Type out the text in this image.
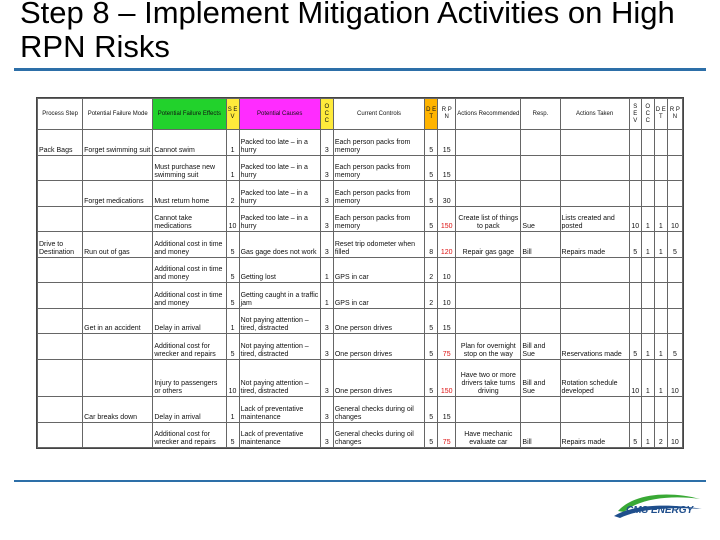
Step 8 – Implement Mitigation Activities on High RPN Risks
Process Step	Potential Failure Mode	Potential Failure Effects	S E V	Potential Causes	O C C	Current Controls	D E T	R P N	Actions Recommended	Resp.	Actions Taken	S E V	O C C	D E T	R P N
Pack Bags	Forget swimming suit	Cannot swim	1	Packed too late – in a hurry	3	Each person packs from memory	5	15							
		Must purchase new swimming suit	1	Packed too late – in a hurry	3	Each person packs from memory	5	15							
	Forget medications	Must return home	2	Packed too late – in a hurry	3	Each person packs from memory	5	30							
		Cannot take medications	10	Packed too late – in a hurry	3	Each person packs from memory	5	150	Create list of things to pack	Sue	Lists created and posted	10	1	1	10
Drive to Destination	Run out of gas	Additional cost in time and money	5	Gas gage does not work	3	Reset trip odometer when filled	8	120	Repair gas gage	Bill	Repairs made	5	1	1	5
		Additional cost in time and money	5	Getting lost	1	GPS in car	2	10							
		Additional cost in time and money	5	Getting caught in a traffic jam	1	GPS in car	2	10							
	Get in an accident	Delay in arrival	1	Not paying attention – tired, distracted	3	One person drives	5	15							
		Additional cost for wrecker and repairs	5	Not paying attention – tired, distracted	3	One person drives	5	75	Plan for overnight stop on the way	Bill and Sue	Reservations made	5	1	1	5
		Injury to passengers or others	10	Not paying attention – tired, distracted	3	One person drives	5	150	Have two or more drivers take turns driving	Bill and Sue	Rotation schedule developed	10	1	1	10
	Car breaks down	Delay in arrival	1	Lack of preventative maintenance	3	General checks during oil changes	5	15							
		Additional cost for wrecker and repairs	5	Lack of preventative maintenance	3	General checks during oil changes	5	75	Have mechanic evaluate car	Bill	Repairs made	5	1	2	10
CMS ENERGY
